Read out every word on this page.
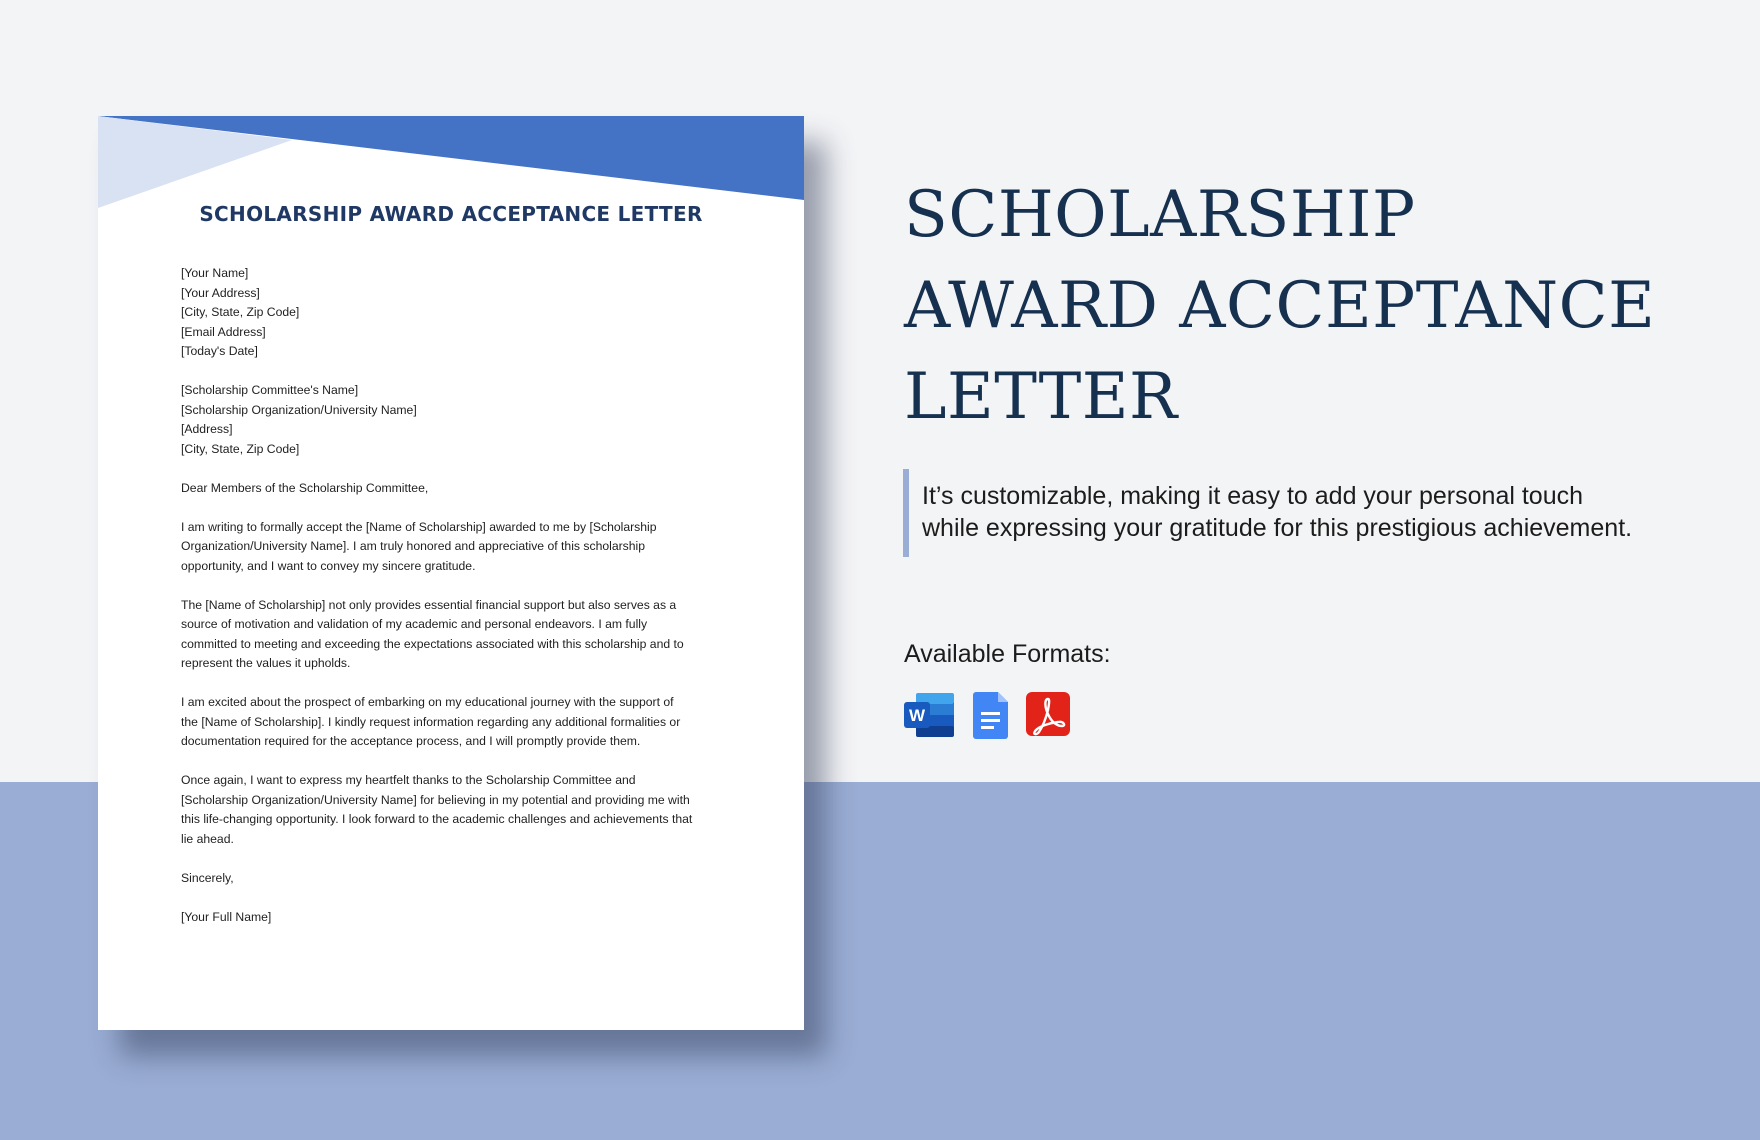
SCHOLARSHIP AWARD ACCEPTANCE LETTER
[Your Name]
[Your Address]
[City, State, Zip Code]
[Email Address]
[Today's Date]
[Scholarship Committee's Name]
[Scholarship Organization/University Name]
[Address]
[City, State, Zip Code]
Dear Members of the Scholarship Committee,
I am writing to formally accept the [Name of Scholarship] awarded to me by [Scholarship
Organization/University Name]. I am truly honored and appreciative of this scholarship
opportunity, and I want to convey my sincere gratitude.
The [Name of Scholarship] not only provides essential financial support but also serves as a
source of motivation and validation of my academic and personal endeavors. I am fully
committed to meeting and exceeding the expectations associated with this scholarship and to
represent the values it upholds.
I am excited about the prospect of embarking on my educational journey with the support of
the [Name of Scholarship]. I kindly request information regarding any additional formalities or
documentation required for the acceptance process, and I will promptly provide them.
Once again, I want to express my heartfelt thanks to the Scholarship Committee and
[Scholarship Organization/University Name] for believing in my potential and providing me with
this life-changing opportunity. I look forward to the academic challenges and achievements that
lie ahead.
Sincerely,
[Your Full Name]
SCHOLARSHIP
AWARD ACCEPTANCE
LETTER
It’s customizable, making it easy to add your personal touch
while expressing your gratitude for this prestigious achievement.
Available Formats:
W
